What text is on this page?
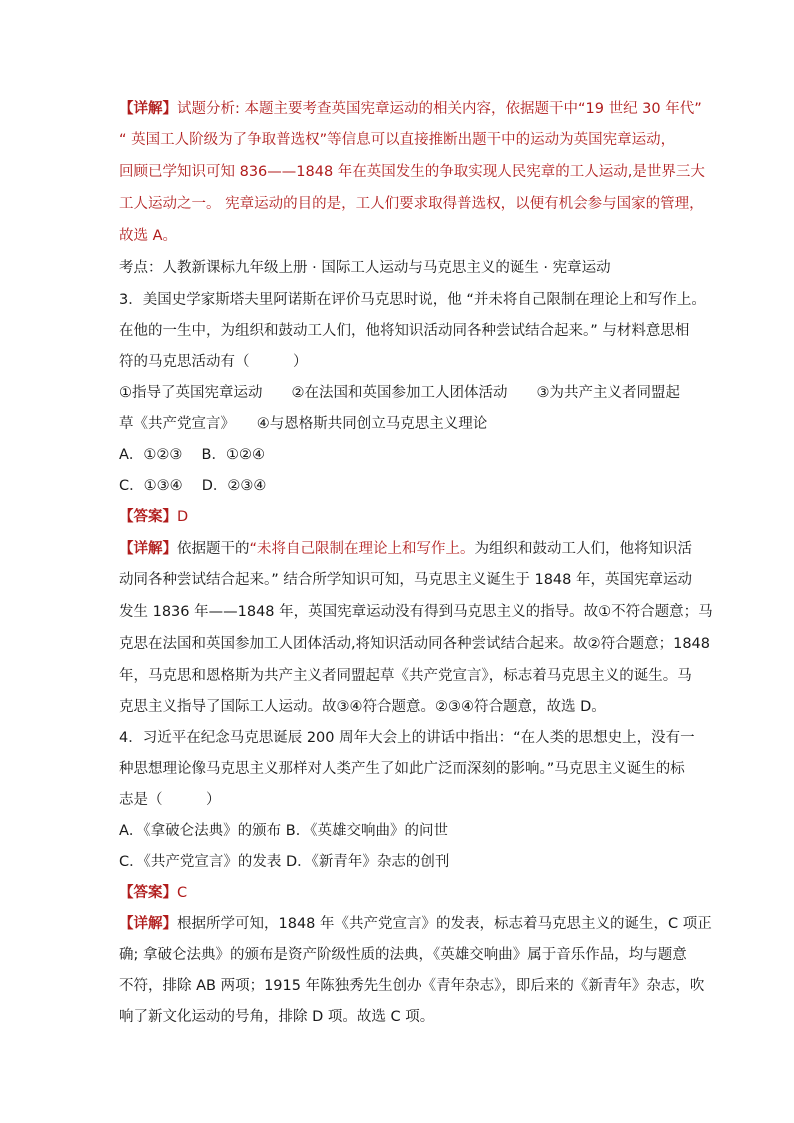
【详解】试题分析: 本题主要考查英国宪章运动的相关内容，依据题干中“19 世纪 30 年代”
“ 英国工人阶级为了争取普选权”等信息可以直接推断出题干中的运动为英国宪章运动，
回顾已学知识可知 836——1848 年在英国发生的争取实现人民宪章的工人运动,是世界三大
工人运动之一。 宪章运动的目的是，工人们要求取得普选权，以便有机会参与国家的管理，
故选 A。
考点：人教新课标九年级上册 · 国际工人运动与马克思主义的诞生 · 宪章运动
3．美国史学家斯塔夫里阿诺斯在评价马克思时说，他 “并未将自己限制在理论上和写作上。
在他的一生中，为组织和鼓动工人们，他将知识活动同各种尝试结合起来。” 与材料意思相
符的马克思活动有（　　　）
①指导了英国宪章运动　　②在法国和英国参加工人团体活动　　③为共产主义者同盟起
草《共产党宣言》　　④与恩格斯共同创立马克思主义理论
A．①②③　 B．①②④
C．①③④　 D．②③④
【答案】D
【详解】依据题干的“未将自己限制在理论上和写作上。为组织和鼓动工人们，他将知识活
动同各种尝试结合起来。” 结合所学知识可知，马克思主义诞生于 1848 年，英国宪章运动
发生 1836 年——1848 年，英国宪章运动没有得到马克思主义的指导。故①不符合题意；马
克思在法国和英国参加工人团体活动,将知识活动同各种尝试结合起来。故②符合题意；1848
年，马克思和恩格斯为共产主义者同盟起草《共产党宣言》，标志着马克思主义的诞生。马
克思主义指导了国际工人运动。故③④符合题意。②③④符合题意，故选 D。
4．习近平在纪念马克思诞辰 200 周年大会上的讲话中指出：“在人类的思想史上，没有一
种思想理论像马克思主义那样对人类产生了如此广泛而深刻的影响。”马克思主义诞生的标
志是（　　　）
A．《拿破仑法典》的颁布 B．《英雄交响曲》的问世
C．《共产党宣言》的发表 D．《新青年》杂志的创刊
【答案】C
【详解】根据所学可知，1848 年《共产党宣言》的发表，标志着马克思主义的诞生，C 项正
确; 拿破仑法典》的颁布是资产阶级性质的法典，《英雄交响曲》属于音乐作品，均与题意
不符，排除 AB 两项；1915 年陈独秀先生创办《青年杂志》，即后来的《新青年》杂志，吹
响了新文化运动的号角，排除 D 项。故选 C 项。
